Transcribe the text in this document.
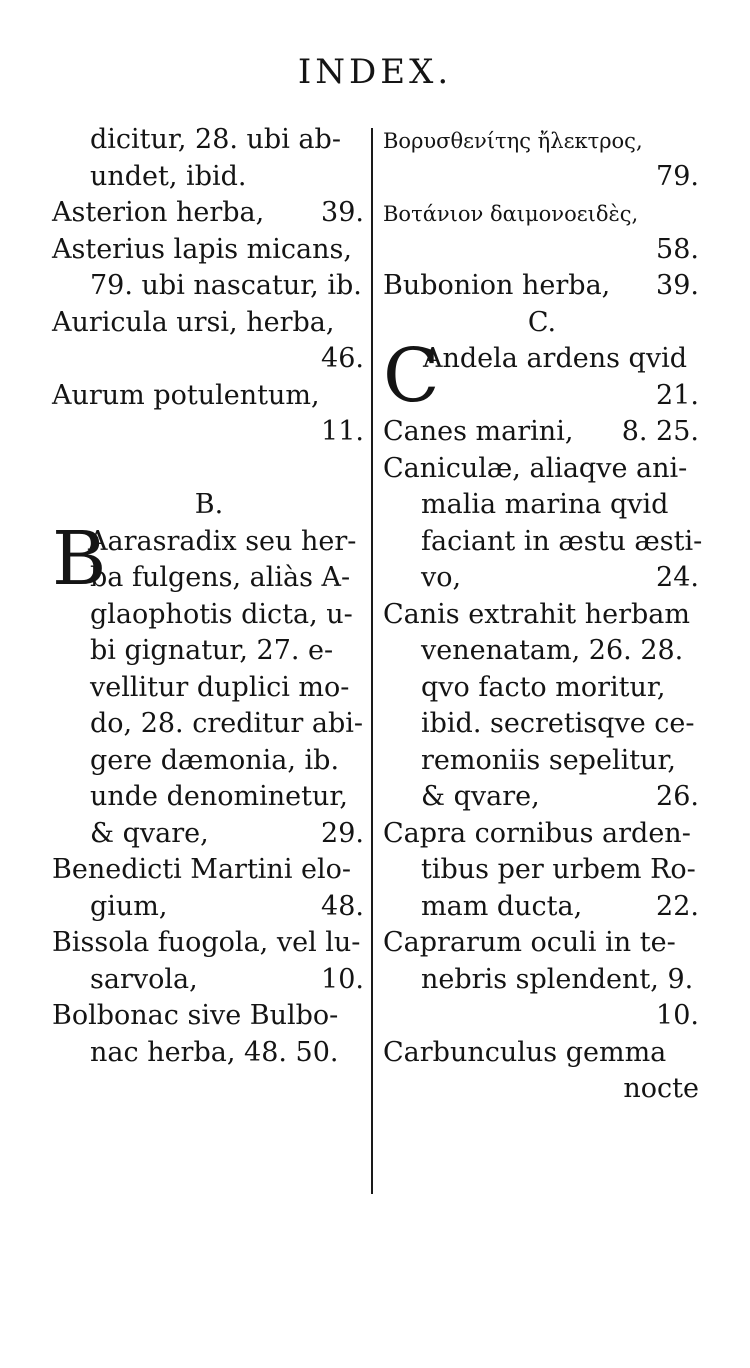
INDEX.
dicitur, 28. ubi ab-
undet, ibid.
Asterion herba, 39.
Asterius lapis micans,
79. ubi nascatur, ib.
Auricula ursi, herba,
46.
Aurum potulentum,
11.
B.
B
Aarasradix seu her-
ba fulgens, aliàs A-
glaophotis dicta, u-
bi gignatur, 27. e-
vellitur duplici mo-
do, 28. creditur abi-
gere dæmonia, ib.
unde denominetur,
& qvare,	29.
Benedicti Martini elo-
gium,	48.
Bissola fuogola, vel lu-
sarvola,	10.
Bolbonac sive Bulbo-
nac herba, 48. 50.
Βορυσθενίτης ἤλεκτρος,
79.
Βοτάνιον δαιμονοειδὲς,
58.
Bubonion herba, 39.
C.
C
Andela ardens qvid
21.
Canes marini, 8. 25.
Caniculæ, aliaqve ani-
malia marina qvid
faciant in æstu æsti-
vo,	24.
Canis extrahit herbam
venenatam, 26. 28.
qvo facto moritur,
ibid. secretisqve ce-
remoniis sepelitur,
& qvare,	26.
Capra cornibus arden-
tibus per urbem Ro-
mam ducta,	22.
Caprarum oculi in te-
nebris splendent, 9.
10.
Carbunculus gemma
nocte
